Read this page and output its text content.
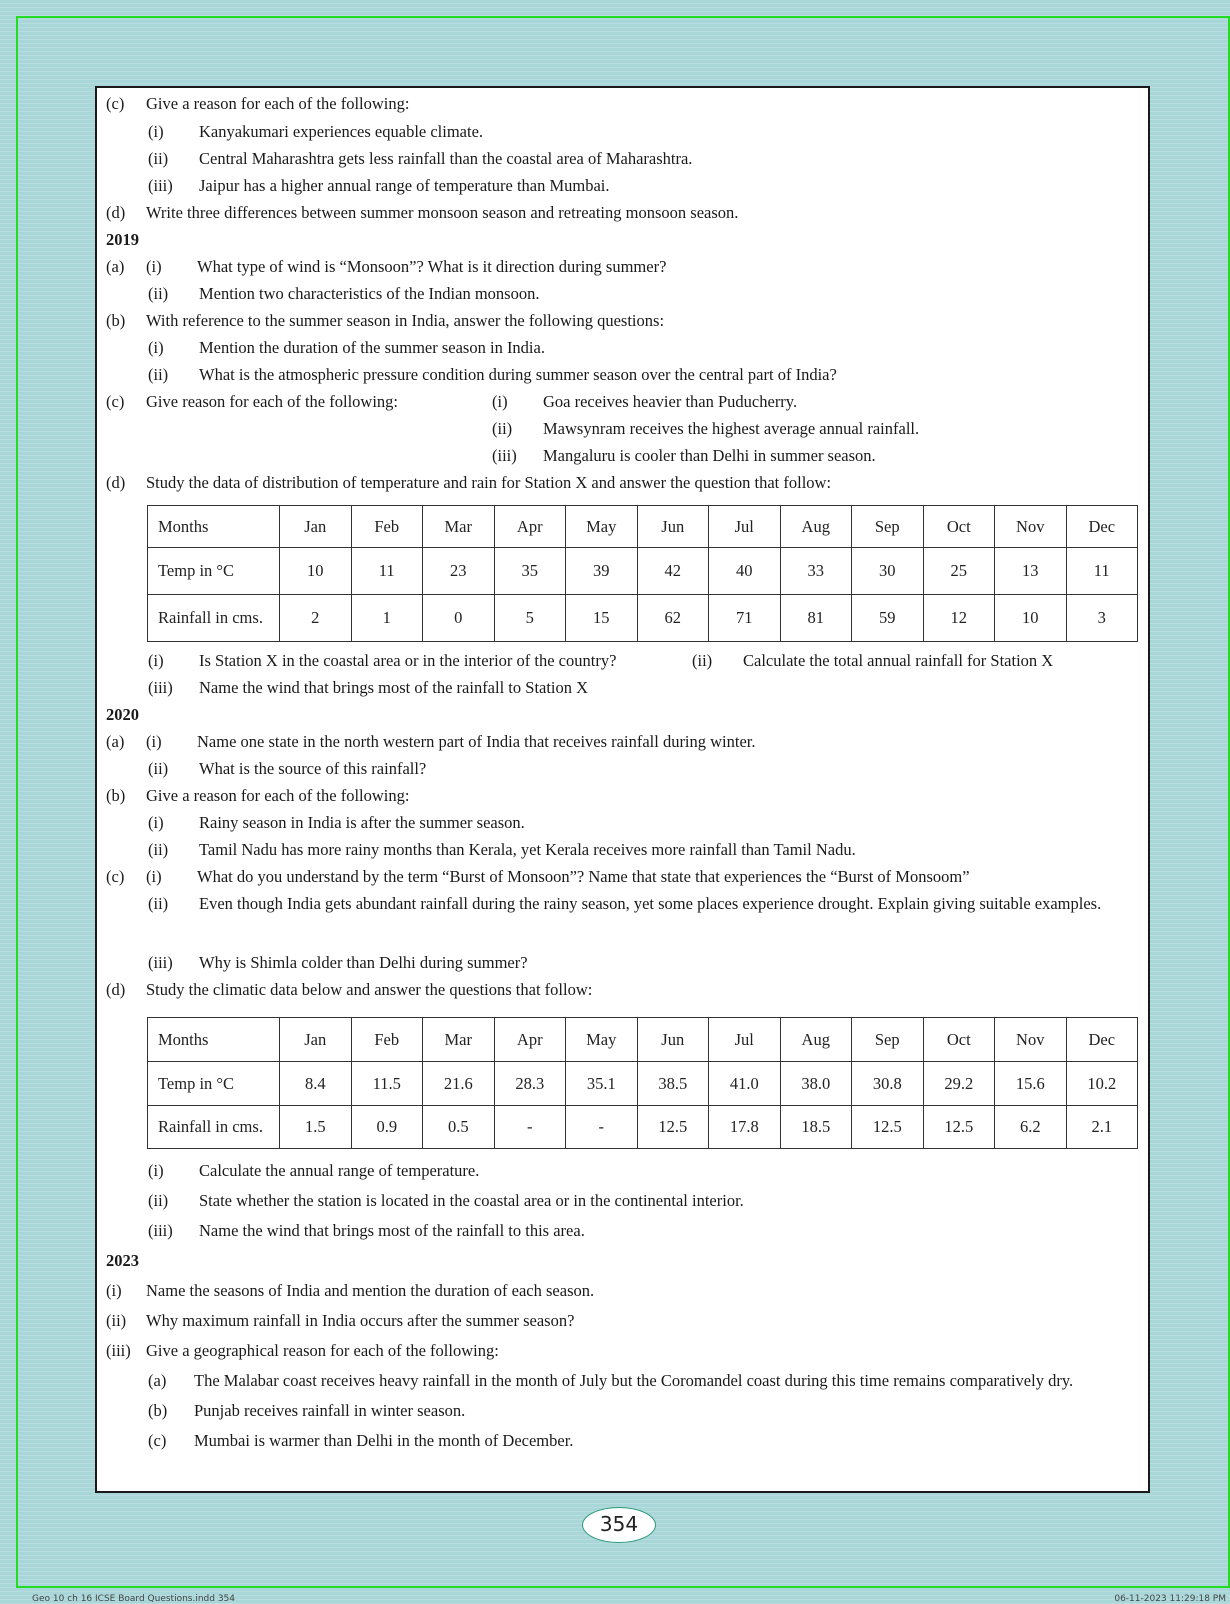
(c) Give a reason for each of the following:
(i) Kanyakumari experiences equable climate.
(ii) Central Maharashtra gets less rainfall than the coastal area of Maharashtra.
(iii) Jaipur has a higher annual range of temperature than Mumbai.
(d) Write three differences between summer monsoon season and retreating monsoon season.
2019
(a) (i) What type of wind is “Monsoon”? What is it direction during summer?
(ii) Mention two characteristics of the Indian monsoon.
(b) With reference to the summer season in India, answer the following questions:
(i) Mention the duration of the summer season in India.
(ii) What is the atmospheric pressure condition during summer season over the central part of India?
(c) Give reason for each of the following:	(i) Goa receives heavier than Puducherry.
(ii) Mawsynram receives the highest average annual rainfall.
(iii) Mangaluru is cooler than Delhi in summer season.
(d) Study the data of distribution of temperature and rain for Station X and answer the question that follow:
Months	Jan	Feb	Mar	Apr	May	Jun	Jul	Aug	Sep	Oct	Nov	Dec
Temp in °C	10	11	23	35	39	42	40	33	30	25	13	11
Rainfall in cms.	2	1	0	5	15	62	71	81	59	12	10	3
(i) Is Station X in the coastal area or in the interior of the country?	(ii) Calculate the total annual rainfall for Station X
(iii) Name the wind that brings most of the rainfall to Station X
2020
(a) (i) Name one state in the north western part of India that receives rainfall during winter.
(ii) What is the source of this rainfall?
(b) Give a reason for each of the following:
(i) Rainy season in India is after the summer season.
(ii) Tamil Nadu has more rainy months than Kerala, yet Kerala receives more rainfall than Tamil Nadu.
(c) (i) What do you understand by the term “Burst of Monsoon”? Name that state that experiences the “Burst of Monsoom”
(ii) Even though India gets abundant rainfall during the rainy season, yet some places experience drought. Explain giving suitable examples.
(iii) Why is Shimla colder than Delhi during summer?
(d) Study the climatic data below and answer the questions that follow:
Months	Jan	Feb	Mar	Apr	May	Jun	Jul	Aug	Sep	Oct	Nov	Dec
Temp in °C	8.4	11.5	21.6	28.3	35.1	38.5	41.0	38.0	30.8	29.2	15.6	10.2
Rainfall in cms.	1.5	0.9	0.5	-	-	12.5	17.8	18.5	12.5	12.5	6.2	2.1
(i) Calculate the annual range of temperature.
(ii) State whether the station is located in the coastal area or in the continental interior.
(iii) Name the wind that brings most of the rainfall to this area.
2023
(i) Name the seasons of India and mention the duration of each season.
(ii) Why maximum rainfall in India occurs after the summer season?
(iii) Give a geographical reason for each of the following:
(a) The Malabar coast receives heavy rainfall in the month of July but the Coromandel coast during this time remains comparatively dry.
(b) Punjab receives rainfall in winter season.
(c) Mumbai is warmer than Delhi in the month of December.
354
Geo 10 ch 16 ICSE Board Questions.indd 354	06-11-2023 11:29:18 PM
